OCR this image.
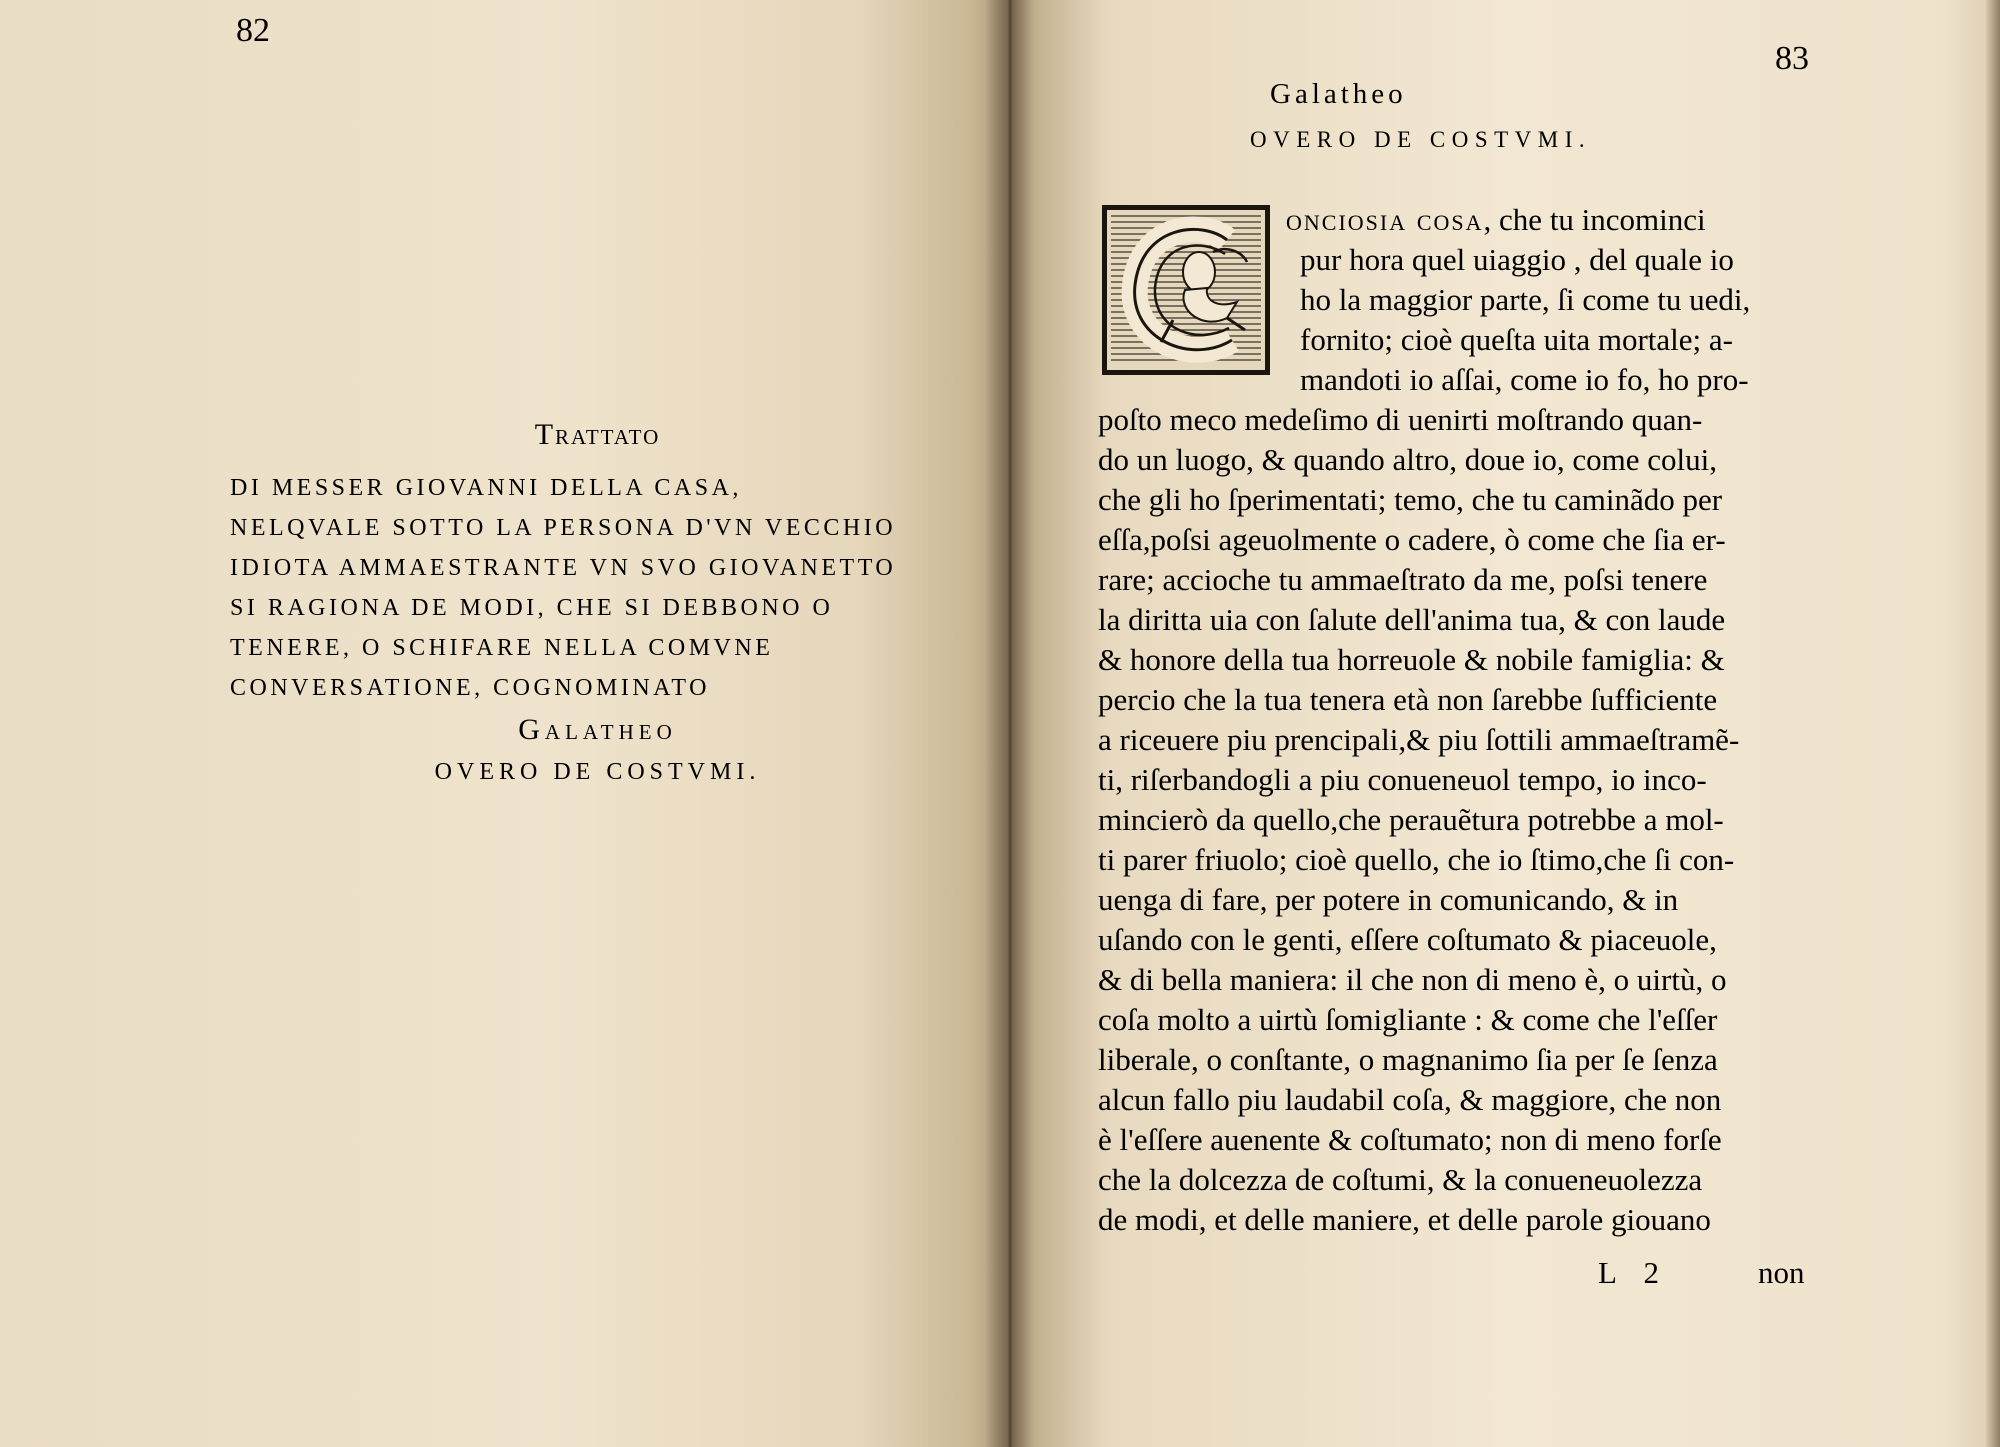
82
83
Trattato
DI MESSER GIOVANNI DELLA CASA,
NELQVALE SOTTO LA PERSONA D'VN VECCHIO
IDIOTA AMMAESTRANTE VN SVO GIOVANETTO
SI RAGIONA DE MODI, CHE SI DEBBONO O
TENERE, O SCHIFARE NELLA COMVNE
CONVERSATIONE, COGNOMINATO
Galatheo
OVERO DE COSTVMI.
Galatheo
OVERO DE COSTVMI.
onciosia cosa, che tu incominci
pur hora quel uiaggio , del quale io
ho la maggior parte, ſi come tu uedi,
fornito; cioè queſta uita mortale; a-
mandoti io aſſai, come io fo, ho pro-
poſto meco medeſimo di uenirti moſtrando quan-
do un luogo, & quando altro, doue io, come colui,
che gli ho ſperimentati; temo, che tu caminãdo per
eſſa,poſsi ageuolmente o cadere, ò come che ſia er-
rare; accioche tu ammaeſtrato da me, poſsi tenere
la diritta uia con ſalute dell'anima tua, & con laude
& honore della tua horreuole & nobile famiglia: &
percio che la tua tenera età non ſarebbe ſufficiente
a riceuere piu prencipali,& piu ſottili ammaeſtramẽ-
ti, riſerbandogli a piu conueneuol tempo, io inco-
mincierò da quello,che perauẽtura potrebbe a mol-
ti parer friuolo; cioè quello, che io ſtimo,che ſi con-
uenga di fare, per potere in comunicando, & in
uſando con le genti, eſſere coſtumato & piaceuole,
& di bella maniera: il che non di meno è, o uirtù, o
coſa molto a uirtù ſomigliante : & come che l'eſſer
liberale, o conſtante, o magnanimo ſia per ſe ſenza
alcun fallo piu laudabil coſa, & maggiore, che non
è l'eſſere auenente & coſtumato; non di meno forſe
che la dolcezza de coſtumi, & la conueneuolezza
de modi, et delle maniere, et delle parole giouano
L 2	non
